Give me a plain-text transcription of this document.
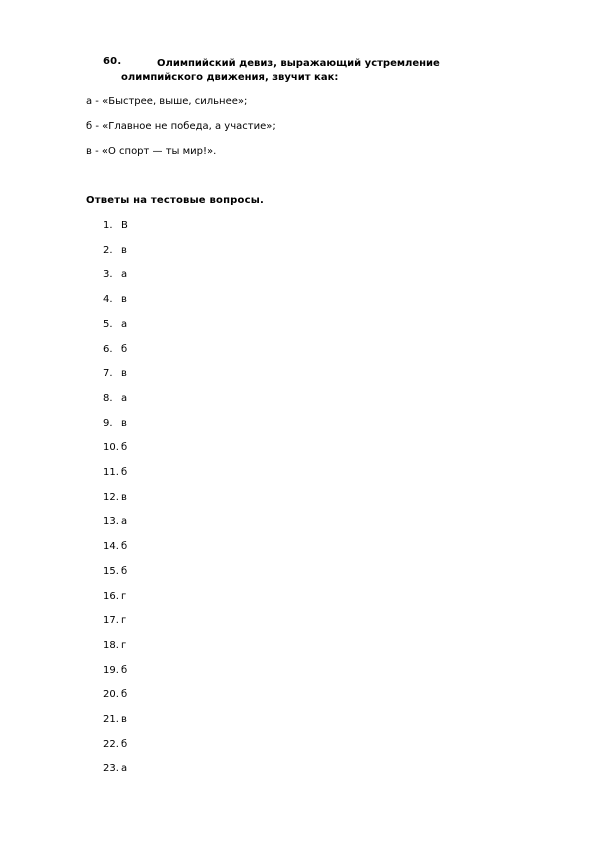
60.	Олимпийский девиз, выражающий устремление
олимпийского движения, звучит как:
а - «Быстрее, выше, сильнее»;
б - «Главное не победа, а участие»;
в - «О спорт — ты мир!».
Ответы на тестовые вопросы.
1. В
2. в
3. а
4. в
5. а
6. б
7. в
8. а
9. в
10. б
11. б
12. в
13. а
14. б
15. б
16. г
17. г
18. г
19. б
20. б
21. в
22. б
23. а
